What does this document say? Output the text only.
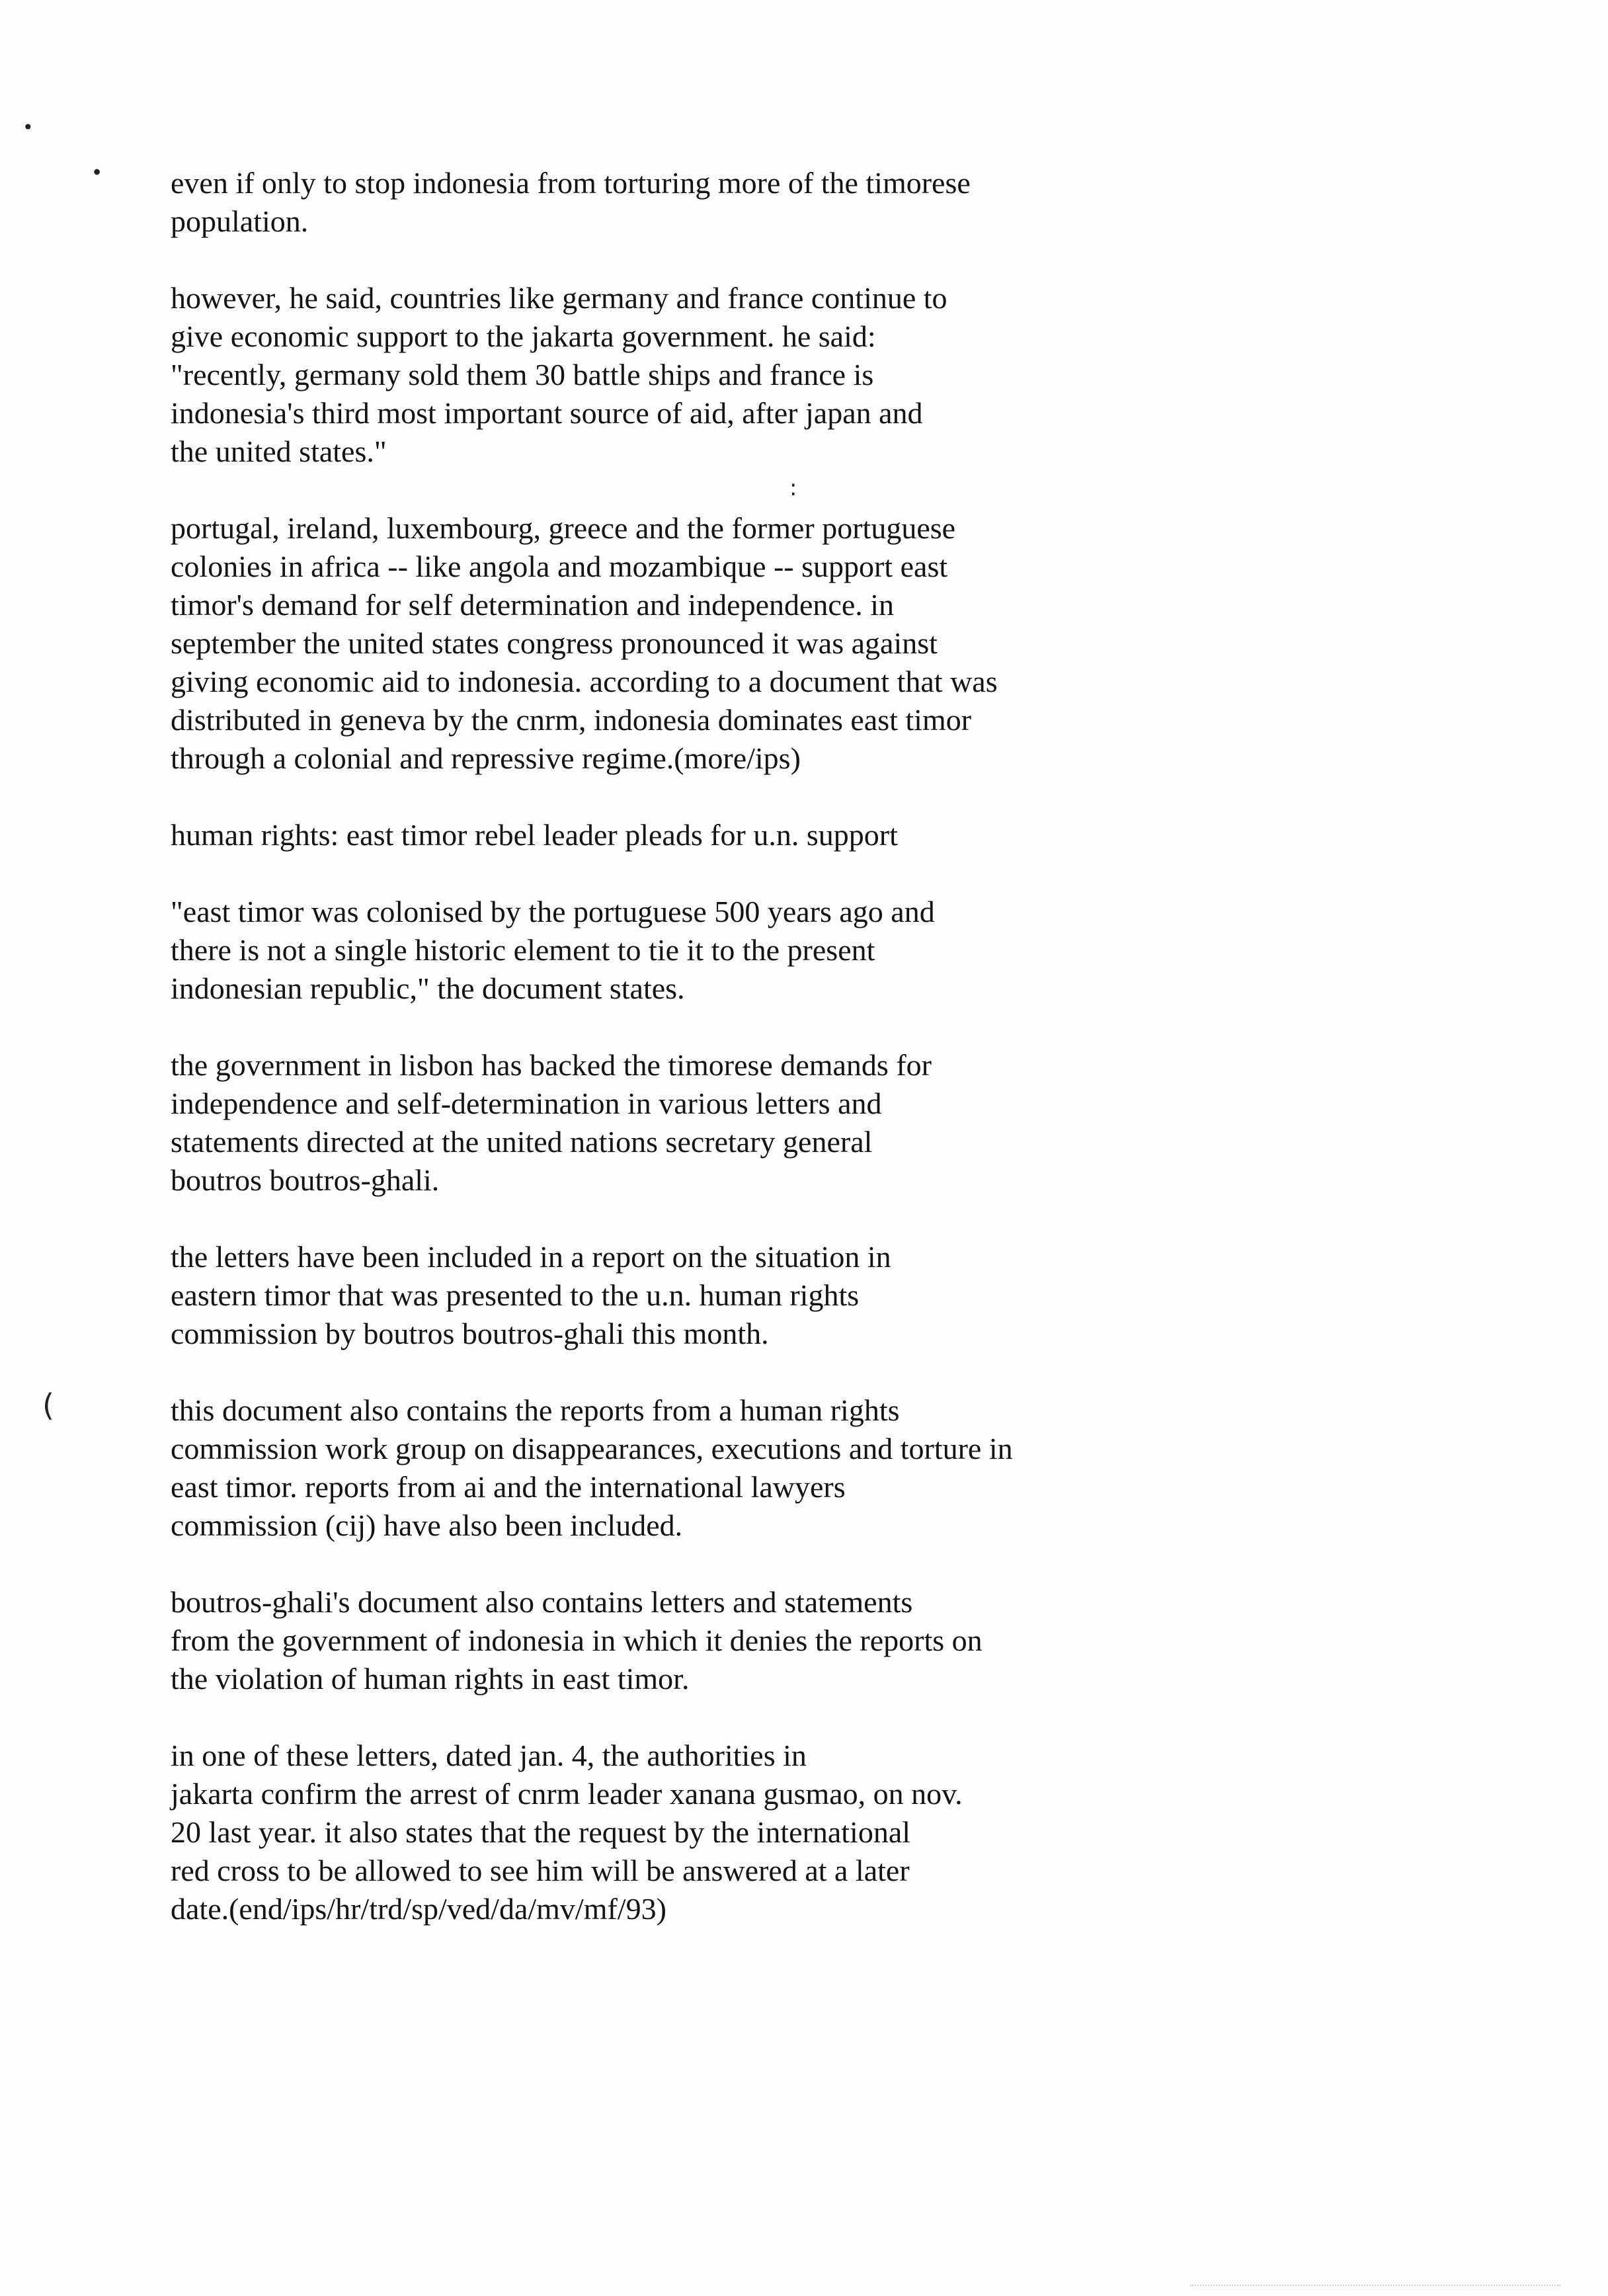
•
•
:
(

even if only to stop indonesia from torturing more of the timorese
population.

however, he said, countries like germany and france continue to
give economic support to the jakarta government. he said:
"recently, germany sold them 30 battle ships and france is
indonesia's third most important source of aid, after japan and
the united states."

portugal, ireland, luxembourg, greece and the former portuguese
colonies in africa -- like angola and mozambique -- support east
timor's demand for self determination and independence. in
september the united states congress pronounced it was against
giving economic aid to indonesia. according to a document that was
distributed in geneva by the cnrm, indonesia dominates east timor
through a colonial and repressive regime.(more/ips)

human rights: east timor rebel leader pleads for u.n. support

"east timor was colonised by the portuguese 500 years ago and
there is not a single historic element to tie it to the present
indonesian republic," the document states.

the government in lisbon has backed the timorese demands for
independence and self-determination in various letters and
statements directed at the united nations secretary general
boutros boutros-ghali.

the letters have been included in a report on the situation in
eastern timor that was presented to the u.n. human rights
commission by boutros boutros-ghali this month.

this document also contains the reports from a human rights
commission work group on disappearances, executions and torture in
east timor. reports from ai and the international lawyers
commission (cij) have also been included.

boutros-ghali's document also contains letters and statements
from the government of indonesia in which it denies the reports on
the violation of human rights in east timor.

in one of these letters, dated jan. 4, the authorities in
jakarta confirm the arrest of cnrm leader xanana gusmao, on nov.
20 last year. it also states that the request by the international
red cross to be allowed to see him will be answered at a later
date.(end/ips/hr/trd/sp/ved/da/mv/mf/93)
